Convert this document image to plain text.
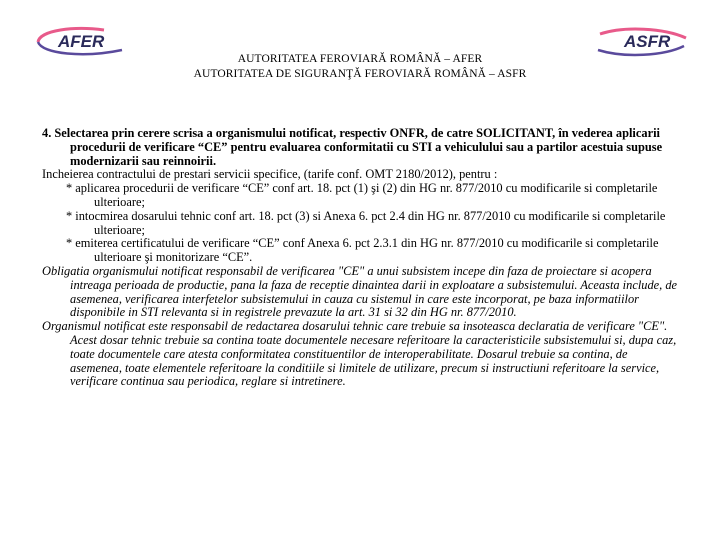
AFER	ASFR
AUTORITATEA FEROVIARĂ ROMÂNĂ – AFER
AUTORITATEA DE SIGURANŢĂ FEROVIARĂ ROMÂNĂ – ASFR

4. Selectarea prin cerere scrisa a organismului notificat, respectiv ONFR, de catre SOLICITANT, în vederea aplicarii procedurii de verificare “CE” pentru evaluarea conformitatii cu STI a vehiculului sau a partilor acestuia supuse modernizarii sau reinnoirii.

Incheierea contractului de prestari servicii specifice, (tarife conf. OMT 2180/2012), pentru :

* aplicarea procedurii de verificare “CE” conf art. 18. pct (1) şi (2) din HG nr. 877/2010 cu modificarile si completarile ulterioare;

* intocmirea dosarului tehnic conf art. 18. pct (3) si Anexa 6. pct 2.4 din HG nr. 877/2010 cu modificarile si completarile ulterioare;

* emiterea certificatului de verificare “CE” conf Anexa 6. pct 2.3.1 din HG nr. 877/2010 cu modificarile si completarile ulterioare şi monitorizare “CE”.

Obligatia organismului notificat responsabil de verificarea "CE" a unui subsistem incepe din faza de proiectare si acopera intreaga perioada de productie, pana la faza de receptie dinaintea darii in exploatare a subsistemului. Aceasta include, de asemenea, verificarea interfetelor subsistemului in cauza cu sistemul in care este incorporat, pe baza informatiilor disponibile in STI relevanta si in registrele prevazute la art. 31 si 32 din HG nr. 877/2010.

Organismul notificat este responsabil de redactarea dosarului tehnic care trebuie sa insoteasca declaratia de verificare "CE". Acest dosar tehnic trebuie sa contina toate documentele necesare referitoare la caracteristicile subsistemului si, dupa caz, toate documentele care atesta conformitatea constituentilor de interoperabilitate. Dosarul trebuie sa contina, de asemenea, toate elementele referitoare la conditiile si limitele de utilizare, precum si instructiuni referitoare la service, verificare continua sau periodica, reglare si intretinere.
